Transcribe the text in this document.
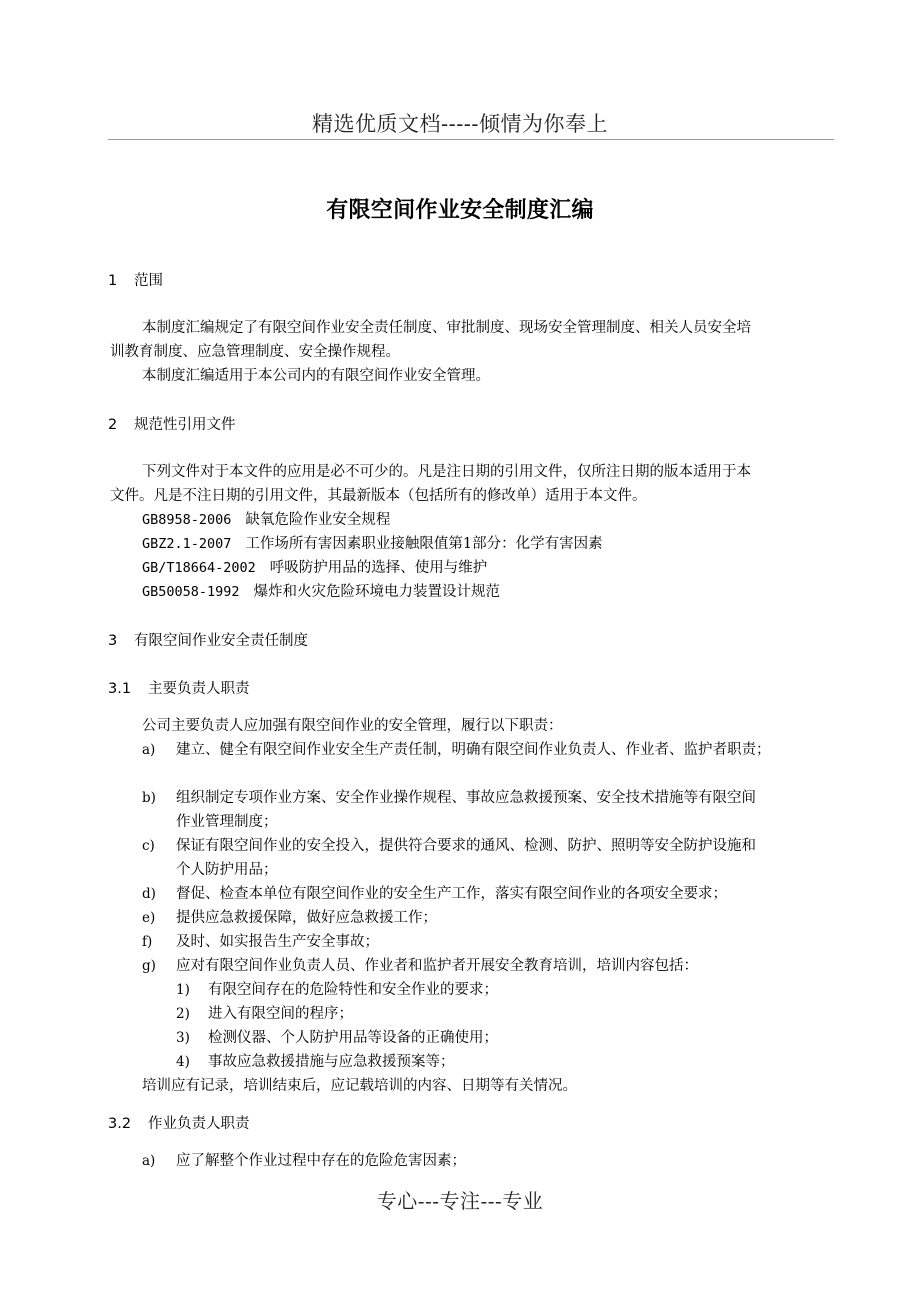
精选优质文档-----倾情为你奉上
有限空间作业安全制度汇编
1 范围
本制度汇编规定了有限空间作业安全责任制度、审批制度、现场安全管理制度、相关人员安全培
训教育制度、应急管理制度、安全操作规程。
本制度汇编适用于本公司内的有限空间作业安全管理。
2 规范性引用文件
下列文件对于本文件的应用是必不可少的。凡是注日期的引用文件，仅所注日期的版本适用于本
文件。凡是不注日期的引用文件，其最新版本（包括所有的修改单）适用于本文件。
GB8958-2006 缺氧危险作业安全规程
GBZ2.1-2007 工作场所有害因素职业接触限值第1部分：化学有害因素
GB/T18664-2002 呼吸防护用品的选择、使用与维护
GB50058-1992 爆炸和火灾危险环境电力装置设计规范
3 有限空间作业安全责任制度
3.1 主要负责人职责
公司主要负责人应加强有限空间作业的安全管理，履行以下职责：
a) 建立、健全有限空间作业安全生产责任制，明确有限空间作业负责人、作业者、监护者职责；
b) 组织制定专项作业方案、安全作业操作规程、事故应急救援预案、安全技术措施等有限空间
作业管理制度；
c) 保证有限空间作业的安全投入，提供符合要求的通风、检测、防护、照明等安全防护设施和
个人防护用品；
d) 督促、检查本单位有限空间作业的安全生产工作，落实有限空间作业的各项安全要求；
e) 提供应急救援保障，做好应急救援工作；
f) 及时、如实报告生产安全事故；
g) 应对有限空间作业负责人员、作业者和监护者开展安全教育培训，培训内容包括：
1) 有限空间存在的危险特性和安全作业的要求；
2) 进入有限空间的程序；
3) 检测仪器、个人防护用品等设备的正确使用；
4) 事故应急救援措施与应急救援预案等；
培训应有记录，培训结束后，应记载培训的内容、日期等有关情况。
3.2 作业负责人职责
a) 应了解整个作业过程中存在的危险危害因素；
专心---专注---专业
